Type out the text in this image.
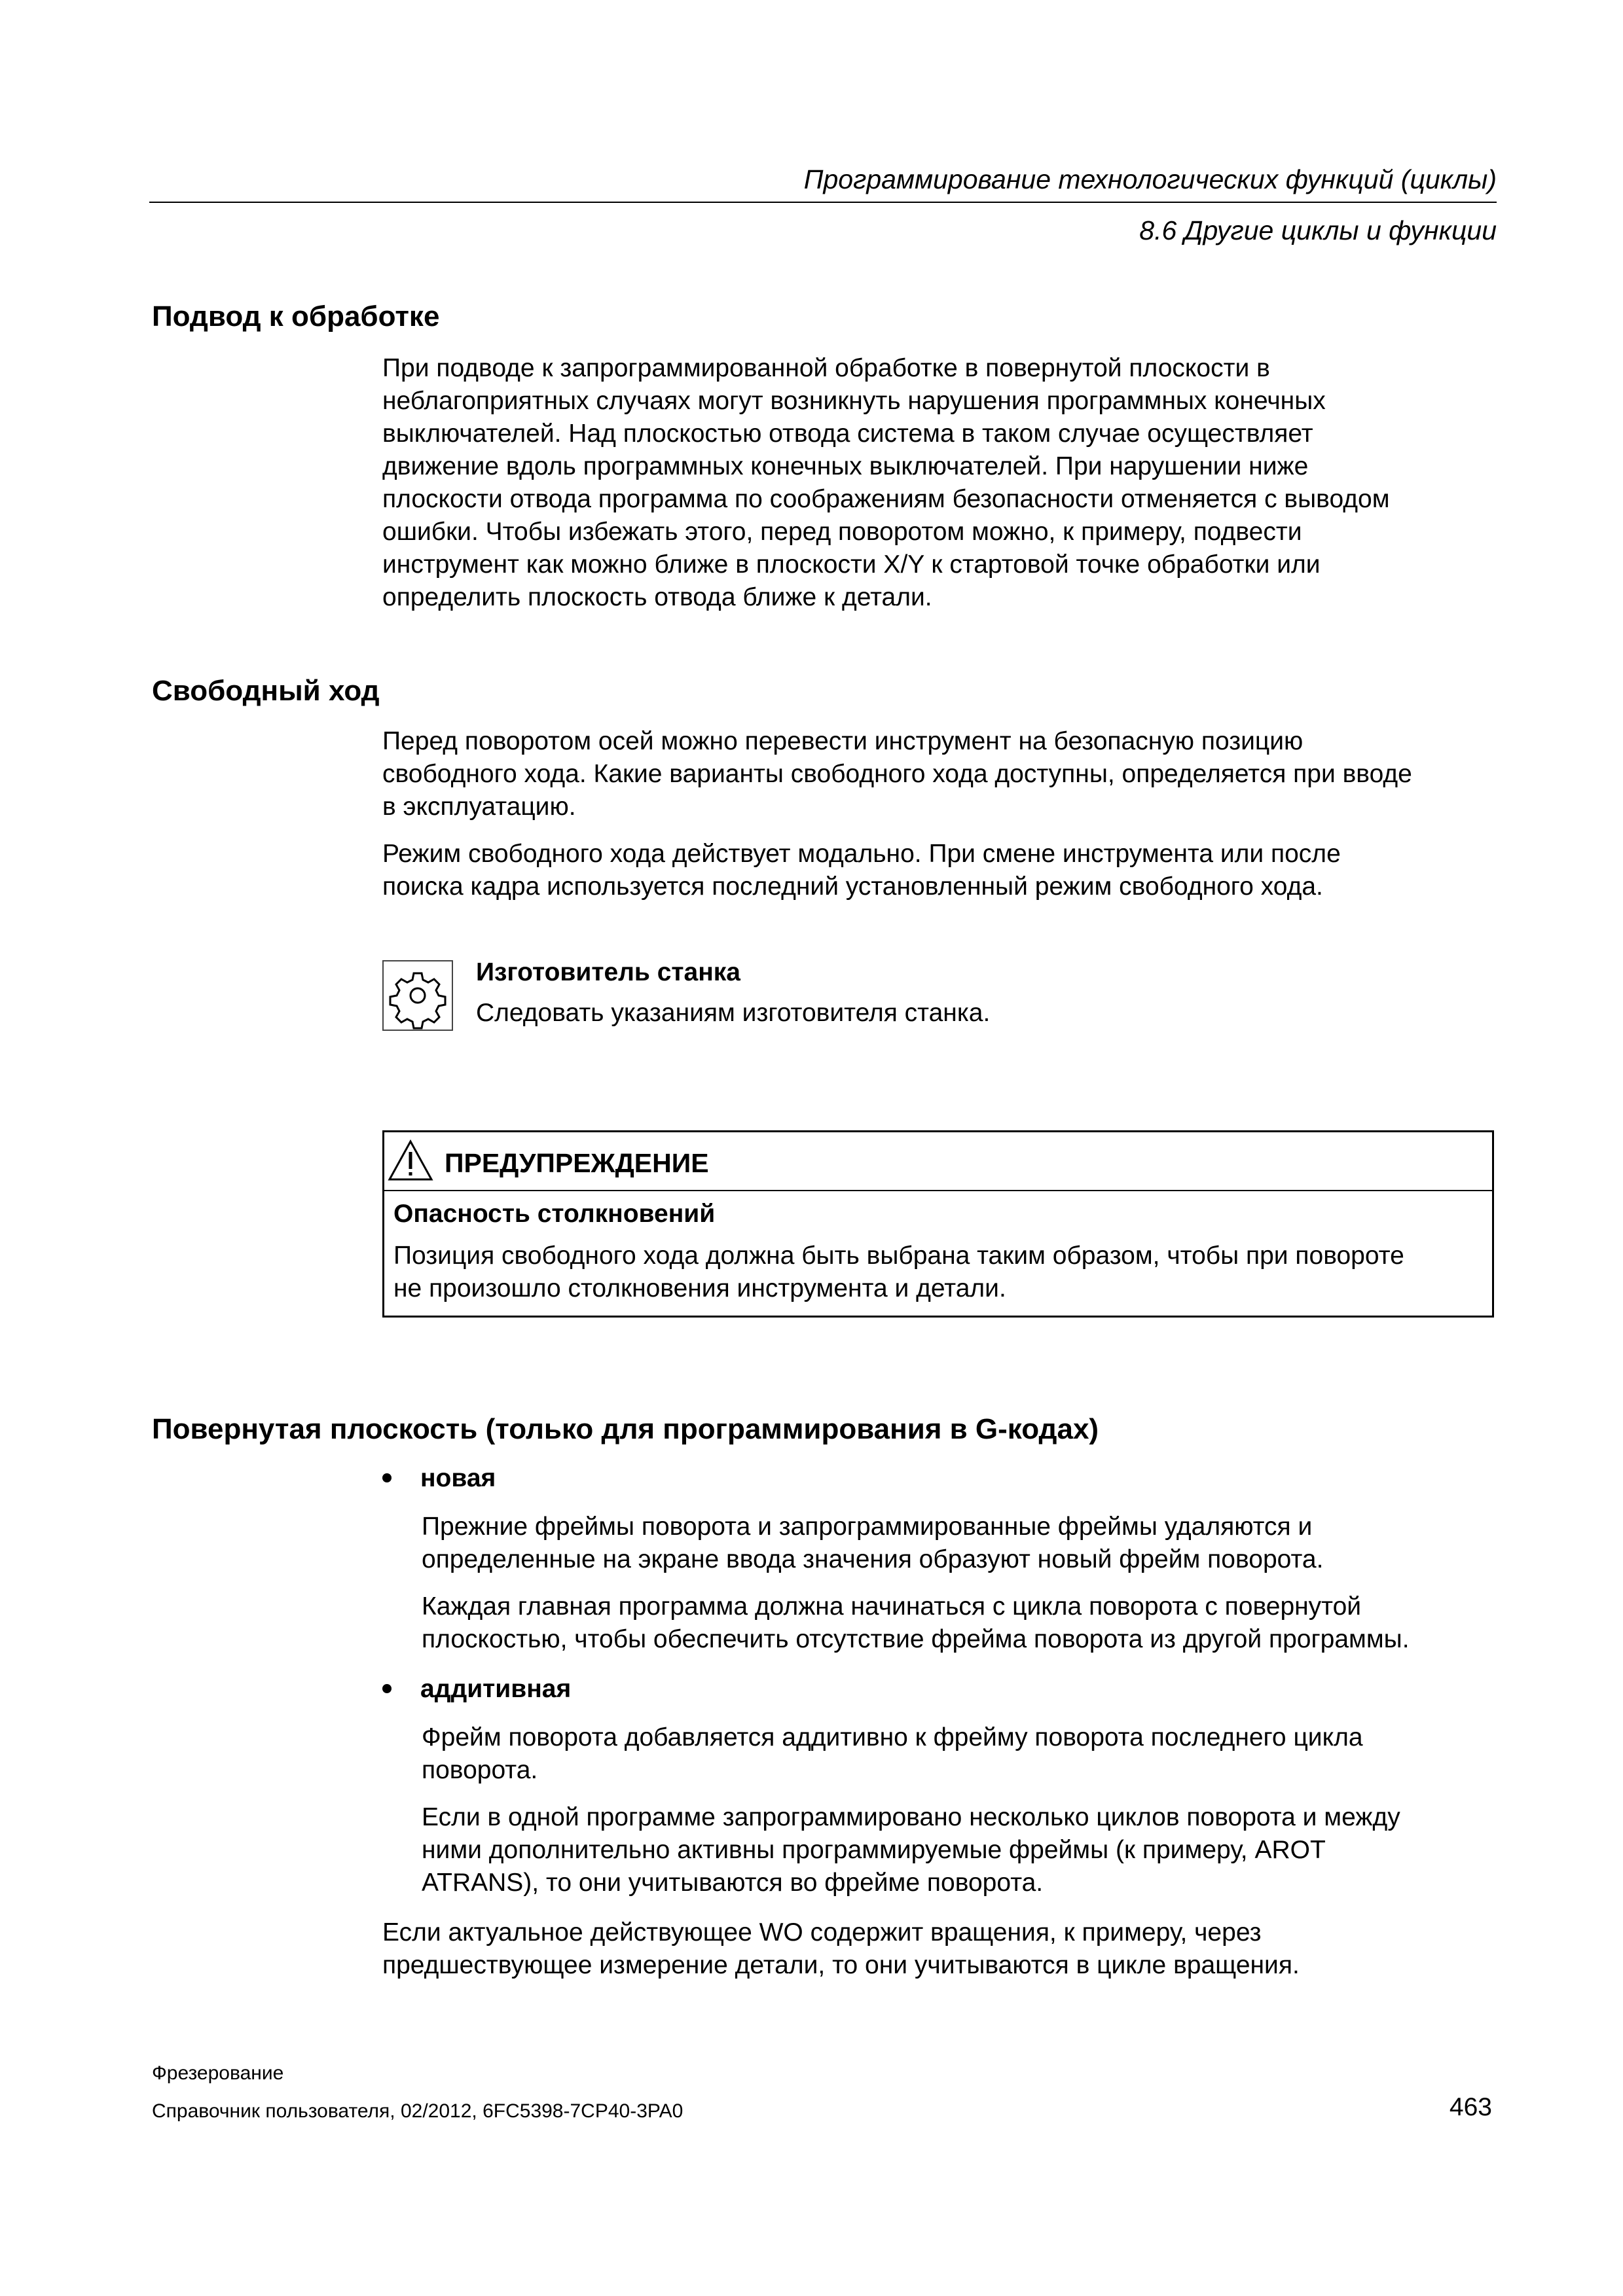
Программирование технологических функций (циклы)
8.6 Другие циклы и функции
Подвод к обработке
При подводе к запрограммированной обработке в повернутой плоскости в
неблагоприятных случаях могут возникнуть нарушения программных конечных
выключателей. Над плоскостью отвода система в таком случае осуществляет
движение вдоль программных конечных выключателей. При нарушении ниже
плоскости отвода программа по соображениям безопасности отменяется с выводом
ошибки. Чтобы избежать этого, перед поворотом можно, к примеру, подвести
инструмент как можно ближе в плоскости X/Y к стартовой точке обработки или
определить плоскость отвода ближе к детали.
Свободный ход
Перед поворотом осей можно перевести инструмент на безопасную позицию
свободного хода. Какие варианты свободного хода доступны, определяется при вводе
в эксплуатацию.
Режим свободного хода действует модально. При смене инструмента или после
поиска кадра используется последний установленный режим свободного хода.
Изготовитель станка
Следовать указаниям изготовителя станка.
ПРЕДУПРЕЖДЕНИЕ
Опасность столкновений
Позиция свободного хода должна быть выбрана таким образом, чтобы при повороте
не произошло столкновения инструмента и детали.
Повернутая плоскость (только для программирования в G-кодах)
новая

Прежние фреймы поворота и запрограммированные фреймы удаляются и
определенные на экране ввода значения образуют новый фрейм поворота.

Каждая главная программа должна начинаться с цикла поворота с повернутой
плоскостью, чтобы обеспечить отсутствие фрейма поворота из другой программы.

аддитивная

Фрейм поворота добавляется аддитивно к фрейму поворота последнего цикла
поворота.

Если в одной программе запрограммировано несколько циклов поворота и между
ними дополнительно активны программируемые фреймы (к примеру, AROT
ATRANS), то они учитываются во фрейме поворота.

Если актуальное действующее WO содержит вращения, к примеру, через
предшествующее измерение детали, то они учитываются в цикле вращения.
Фрезерование
Справочник пользователя, 02/2012, 6FC5398-7CP40-3PA0	463
